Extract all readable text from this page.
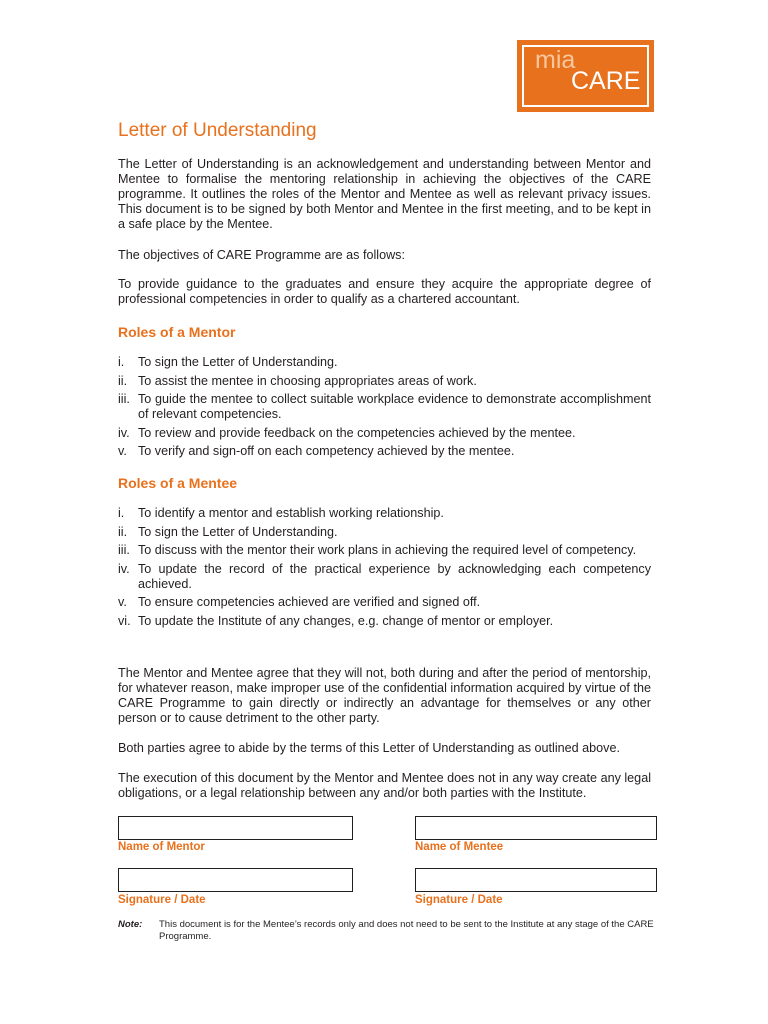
mia
CARE
Letter of Understanding

The Letter of Understanding is an acknowledgement and understanding between Mentor and Mentee to formalise the mentoring relationship in achieving the objectives of the CARE programme. It outlines the roles of the Mentor and Mentee as well as relevant privacy issues. This document is to be signed by both Mentor and Mentee in the first meeting, and to be kept in a safe place by the Mentee.

The objectives of CARE Programme are as follows:

To provide guidance to the graduates and ensure they acquire the appropriate degree of professional competencies in order to qualify as a chartered accountant.

Roles of a Mentor
i. To sign the Letter of Understanding.
ii. To assist the mentee in choosing appropriates areas of work.
iii. To guide the mentee to collect suitable workplace evidence to demonstrate accomplishment of relevant competencies.
iv. To review and provide feedback on the competencies achieved by the mentee.
v. To verify and sign-off on each competency achieved by the mentee.
Roles of a Mentee
i. To identify a mentor and establish working relationship.
ii. To sign the Letter of Understanding.
iii. To discuss with the mentor their work plans in achieving the required level of competency.
iv. To update the record of the practical experience by acknowledging each competency achieved.
v. To ensure competencies achieved are verified and signed off.
vi. To update the Institute of any changes, e.g. change of mentor or employer.

The Mentor and Mentee agree that they will not, both during and after the period of mentorship, for whatever reason, make improper use of the confidential information acquired by virtue of the CARE Programme to gain directly or indirectly an advantage for themselves or any other person or to cause detriment to the other party.

Both parties agree to abide by the terms of this Letter of Understanding as outlined above.

The execution of this document by the Mentor and Mentee does not in any way create any legal obligations, or a legal relationship between any and/or both parties with the Institute.

Name of Mentor	Name of Mentee
Signature / Date	Signature / Date
Note: This document is for the Mentee’s records only and does not need to be sent to the Institute at any stage of the CARE Programme.
